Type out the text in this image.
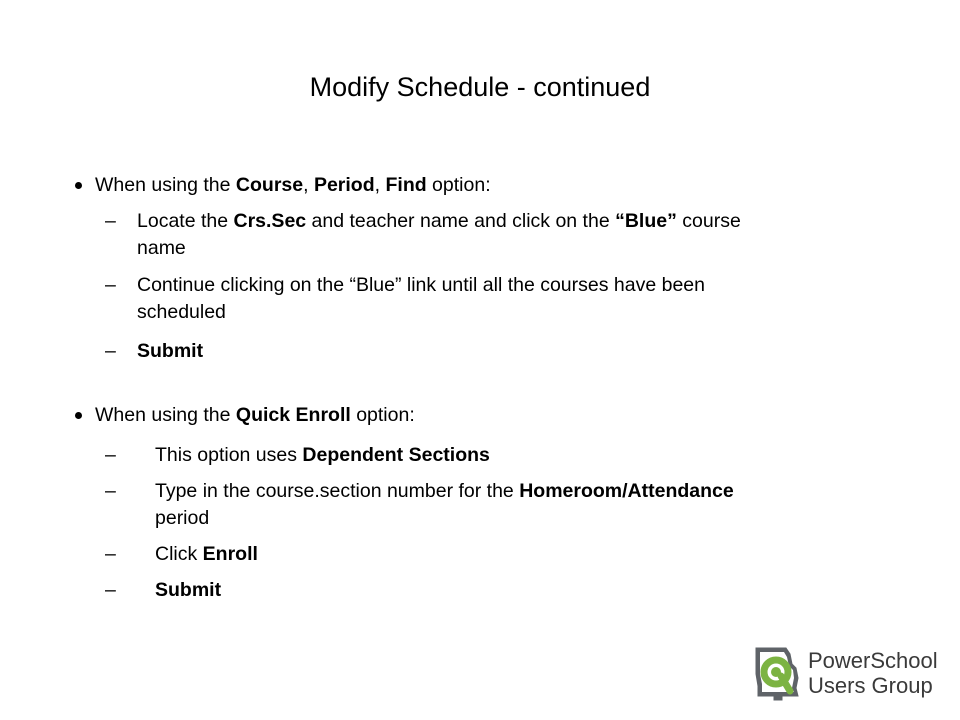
Modify Schedule - continued
When using the Course, Period, Find option:
– Locate the Crs.Sec and teacher name and click on the “Blue” course
name
– Continue clicking on the “Blue” link until all the courses have been
scheduled
– Submit
When using the Quick Enroll option:
– This option uses Dependent Sections
– Type in the course.section number for the Homeroom/Attendance
period
– Click Enroll
– Submit
PowerSchool
Users Group
